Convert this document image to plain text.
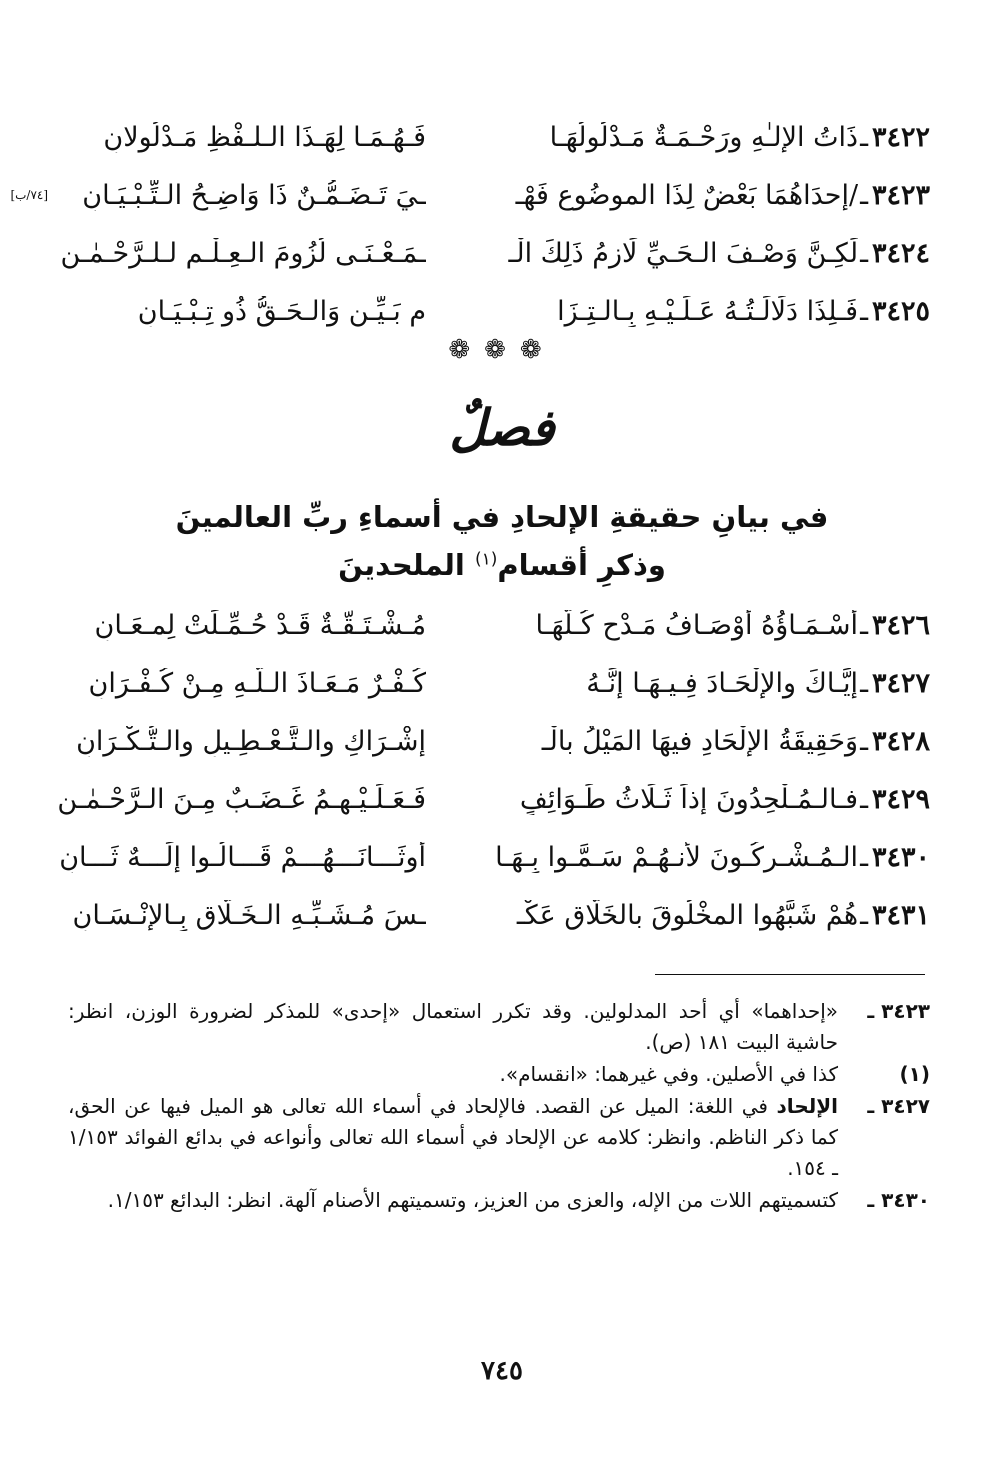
٣٤٢٢
ـ
ذَاتُ الإلـٰهِ ورَحْـمَـةٌ مَـدْلُولُهَـا
فَـهُـمَـا لِهَـذَا الـلـفْظِ مَـدْلُولانِ
٣٤٢٣
ـ
/إحدَاهُمَا بَعْضٌ لِذَا الموضُوعِ فَهْـ
ـيَ تَـضَـمُّـنٌ ذَا وَاضِـحُ الـتِّـبْـيَـانِ
[٧٤/ب]
٣٤٢٤
ـ
لَكِـنَّ وَصْـفَ الـحَـيِّ لَازِمُ ذَلِكَ الْـ
ـمَـعْـنَـى لُزُومَ الـعِـلْـمِ لـلـرَّحْـمٰـنِ
٣٤٢٥
ـ
فَـلِذَا دَلَالَـتُـهُ عَـلَـيْـهِ بِـالـتِـزَا
مٍ بَـيِّـنٍ وَالـحَـقُّ ذُو تِـبْـيَـانِ
❁❁❁
فصلٌ
في بيانِ حقيقةِ الإلحادِ في أسماءِ ربِّ العالمينَ
وذكرِ أقسام$^{(١)}$ الملحدينَ
٣٤٢٦
ـ
أَسْـمَـاؤُهُ أَوْصَـافُ مَـدْحٍ كُـلُّهَـا
مُـشْـتَـقَّـةٌ قَـدْ حُـمِّـلَتْ لِمـعَـانِ
٣٤٢٧
ـ
إيَّـاكَ والإلْحَـادَ فِـيـهَـا إنَّـهُ
كُـفْـرٌ مَـعَـاذَ الـلَّـهِ مِـنْ كُـفْـرَانِ
٣٤٢٨
ـ
وَحَقِيقَةُ الإِلْحَادِ فيهَا المَيْلُ بالْـ
إشْـرَاكِ والـتَّـعْـطِـيلِ والـتُّـكْـرَانِ
٣٤٢٩
ـ
فـالـمُـلْحِدُونَ إذاً ثَـلَاثُ طَـوَائِفٍ
فَـعَـلَـيْـهِـمُ غَـضَـبٌ مِـنَ الـرَّحْـمٰـنِ
٣٤٣٠
ـ
الـمُـشْـرِكُـونَ لأنـهُـمْ سَـمَّـوا بِـهَـا
أوثَـــانَـــهُـــمْ قَـــالُـوا إلَـــهٌ ثَـــانِ
٣٤٣١
ـ
هُمْ شَبَّهُوا المخْلُوقَ بالخَلَّاقِ عَكْـ
ـسَ مُـشَـبِّـهِ الـخَـلَّاقِ بِـالإنْـسَـانِ
٣٤٢٣ ـ
«إحداهما» أي أحد المدلولين. وقد تكرر استعمال «إحدى» للمذكر لضرورة الوزن، انظر: حاشية البيت ١٨١ (ص).
(١)
كذا في الأصلين. وفي غيرهما: «انقسام».
٣٤٢٧ ـ
الإلحاد في اللغة: الميل عن القصد. فالإلحاد في أسماء الله تعالى هو الميل فيها عن الحق، كما ذكر الناظم. وانظر: كلامه عن الإلحاد في أسماء الله تعالى وأنواعه في بدائع الفوائد ١/١٥٣ ـ ١٥٤.
٣٤٣٠ ـ
كتسميتهم اللات من الإله، والعزى من العزيز، وتسميتهم الأصنام آلهة. انظر: البدائع ١/١٥٣.
٧٤٥
